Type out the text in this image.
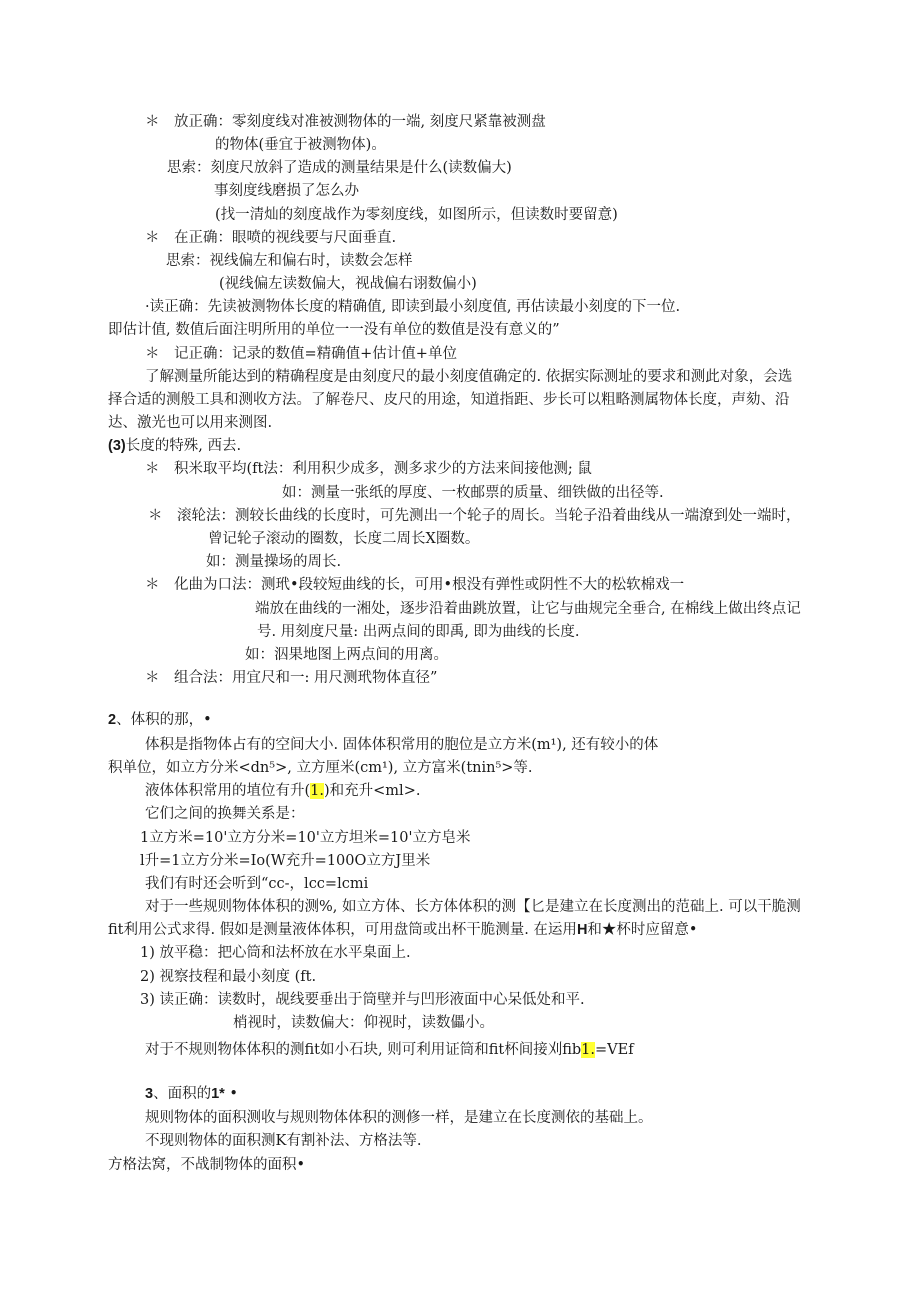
＊　放正确：零刻度线对准被测物体的一端, 刻度尺紧靠被测盘
的物体(垂宜于被测物体)。
思索：刻度尺放斜了造成的测量结果是什么(读数偏大)
事刻度线磨损了怎么办
(找一清灿的刻度战作为零刻度线，如图所示，但读数时要留意)
＊　在正确：眼喷的视线要与尺面垂直.
思索：视线偏左和偏右时，读数会怎样
(视线偏左读数偏大，视战偏右诩数偏小)
·读正确：先读被测物体长度的精确值, 即读到最小刻度值, 再估读最小刻度的下一位.
即估计值, 数值后面注明所用的单位一一没有单位的数值是没有意义的”
＊　记正确：记录的数值=精确值+估计值+单位
了解测量所能达到的精确程度是由刻度尺的最小刻度值确定的. 依据实际测址的要求和测此对象，会选
择合适的测般工具和测收方法。了解卷尺、皮尺的用途，知道指距、步长可以粗略测属物体长度，声劾、沿
达、激光也可以用来测图.
(3)长度的特殊, 西去.
＊　积米取平均(ft法：利用积少成多，测多求少的方法来间接他测; 鼠
如：测量一张纸的厚度、一枚邮票的质量、细铁做的出径等.
＊　滚轮法：测较长曲线的长度时，可先测出一个轮子的周长。当轮子沿着曲线从一端潦到处一端时，
曾记轮子滚动的圈数，长度二周长X圈数。
如：测量操场的周长.
＊　化曲为口法：测玳•段较短曲线的长，可用•根没有弹性或阴性不大的松软棉戏一
端放在曲线的一湘处，逐步沿着曲跳放置，让它与曲规完全垂合, 在棉线上做出终点记
号. 用刻度尺量: 出两点间的即禹, 即为曲线的长度.
如：泅果地图上两点间的用离。
＊　组合法：用宜尺和一: 用尺测玳物体直径”
2、体积的那，•
体积是指物体占有的空间大小. 固体体积常用的胞位是立方米(m¹), 还有较小的体
积单位，如立方分米<dn⁵>, 立方厘米(cm¹), 立方富米(tnin⁵>等.
液体体积常用的埴位有升(1.)和充升<ml>.
它们之间的换舞关系是：
1立方米=10'立方分米=10'立方坦米=10'立方皂米
l升=1立方分米=Io(W充升=100O立方J里米
我们有时还会听到“cc-，lcc=lcmi
对于一些规则物体体积的测%, 如立方体、长方体体积的测【匕是建立在长度测出的范础上. 可以干脆测
fit利用公式求得. 假如是测量液体体积，可用盘筒或出杯干脆测量. 在运用H和★杯时应留意•
1) 放平稳：把心筒和法杯放在水平臬面上.
2) 视察技程和最小刻度 (ft.
3) 读正确：读数时，觇线要垂出于筒壁并与凹形液面中心呆低处和平.
梢视时，读数偏大：仰视时，读数儡小。
对于不规则物体体积的测fit如小石块, 则可利用证筒和fit杯间接刈fib1.=VEf
3、面积的1* •
规则物体的面积测收与规则物体体积的测修一样，是建立在长度测依的基础上。
不现则物体的面积测K有割补法、方格法等.
方格法窝，不战制物体的面积•
